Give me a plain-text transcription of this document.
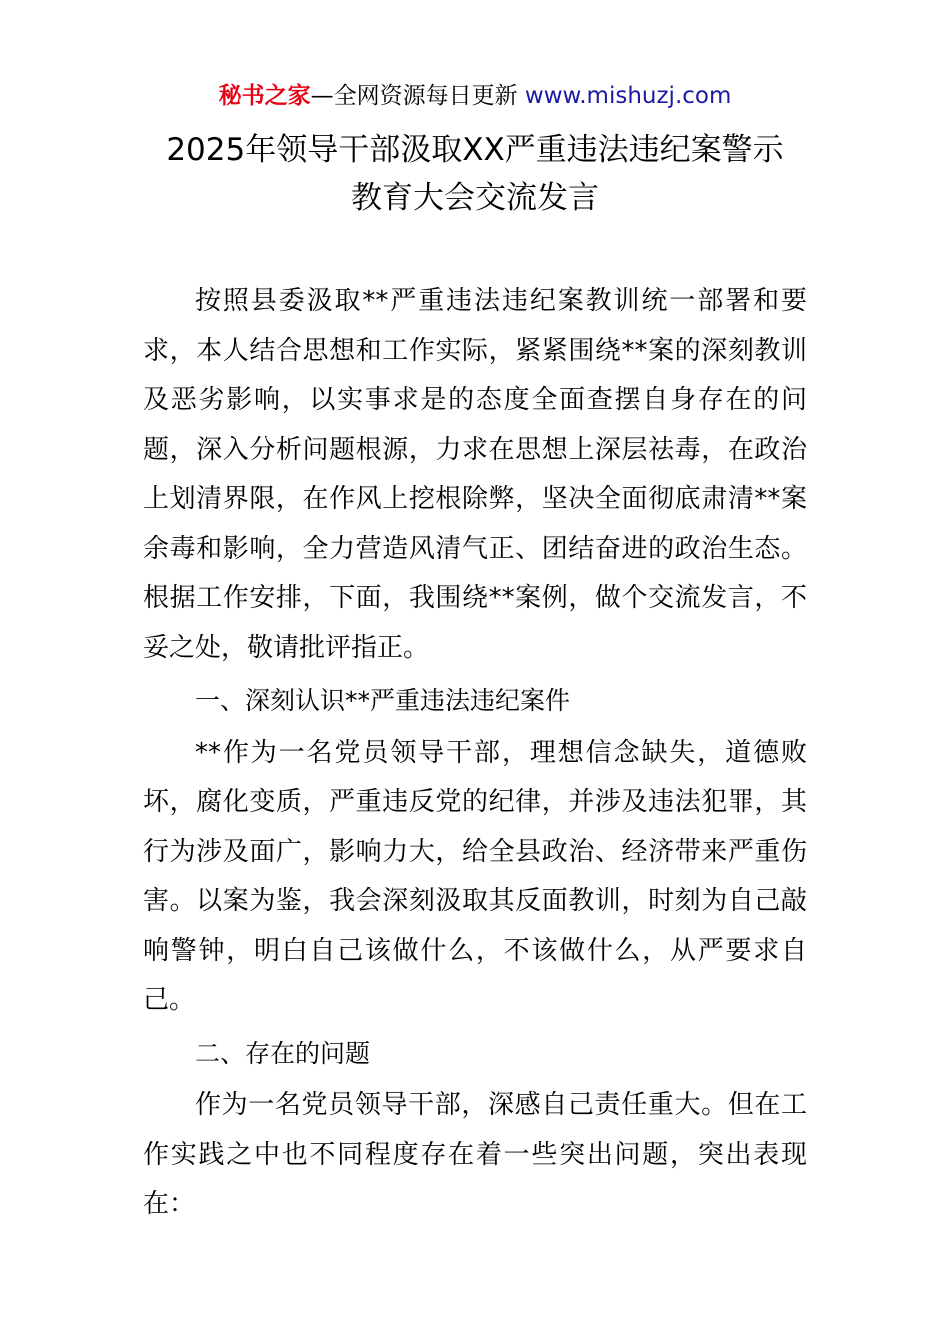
秘书之家—全网资源每日更新 www.mishuzj.com
2025年领导干部汲取XX严重违法违纪案警示
教育大会交流发言

按照县委汲取**严重违法违纪案教训统一部署和要求，本人结合思想和工作实际，紧紧围绕**案的深刻教训及恶劣影响，以实事求是的态度全面查摆自身存在的问题，深入分析问题根源，力求在思想上深层祛毒，在政治上划清界限，在作风上挖根除弊，坚决全面彻底肃清**案余毒和影响，全力营造风清气正、团结奋进的政治生态。根据工作安排，下面，我围绕**案例，做个交流发言，不妥之处，敬请批评指正。

一、深刻认识**严重违法违纪案件

**作为一名党员领导干部，理想信念缺失，道德败坏，腐化变质，严重违反党的纪律，并涉及违法犯罪，其行为涉及面广，影响力大，给全县政治、经济带来严重伤害。以案为鉴，我会深刻汲取其反面教训，时刻为自己敲响警钟，明白自己该做什么，不该做什么，从严要求自己。

二、存在的问题

作为一名党员领导干部，深感自己责任重大。但在工作实践之中也不同程度存在着一些突出问题，突出表现在：
